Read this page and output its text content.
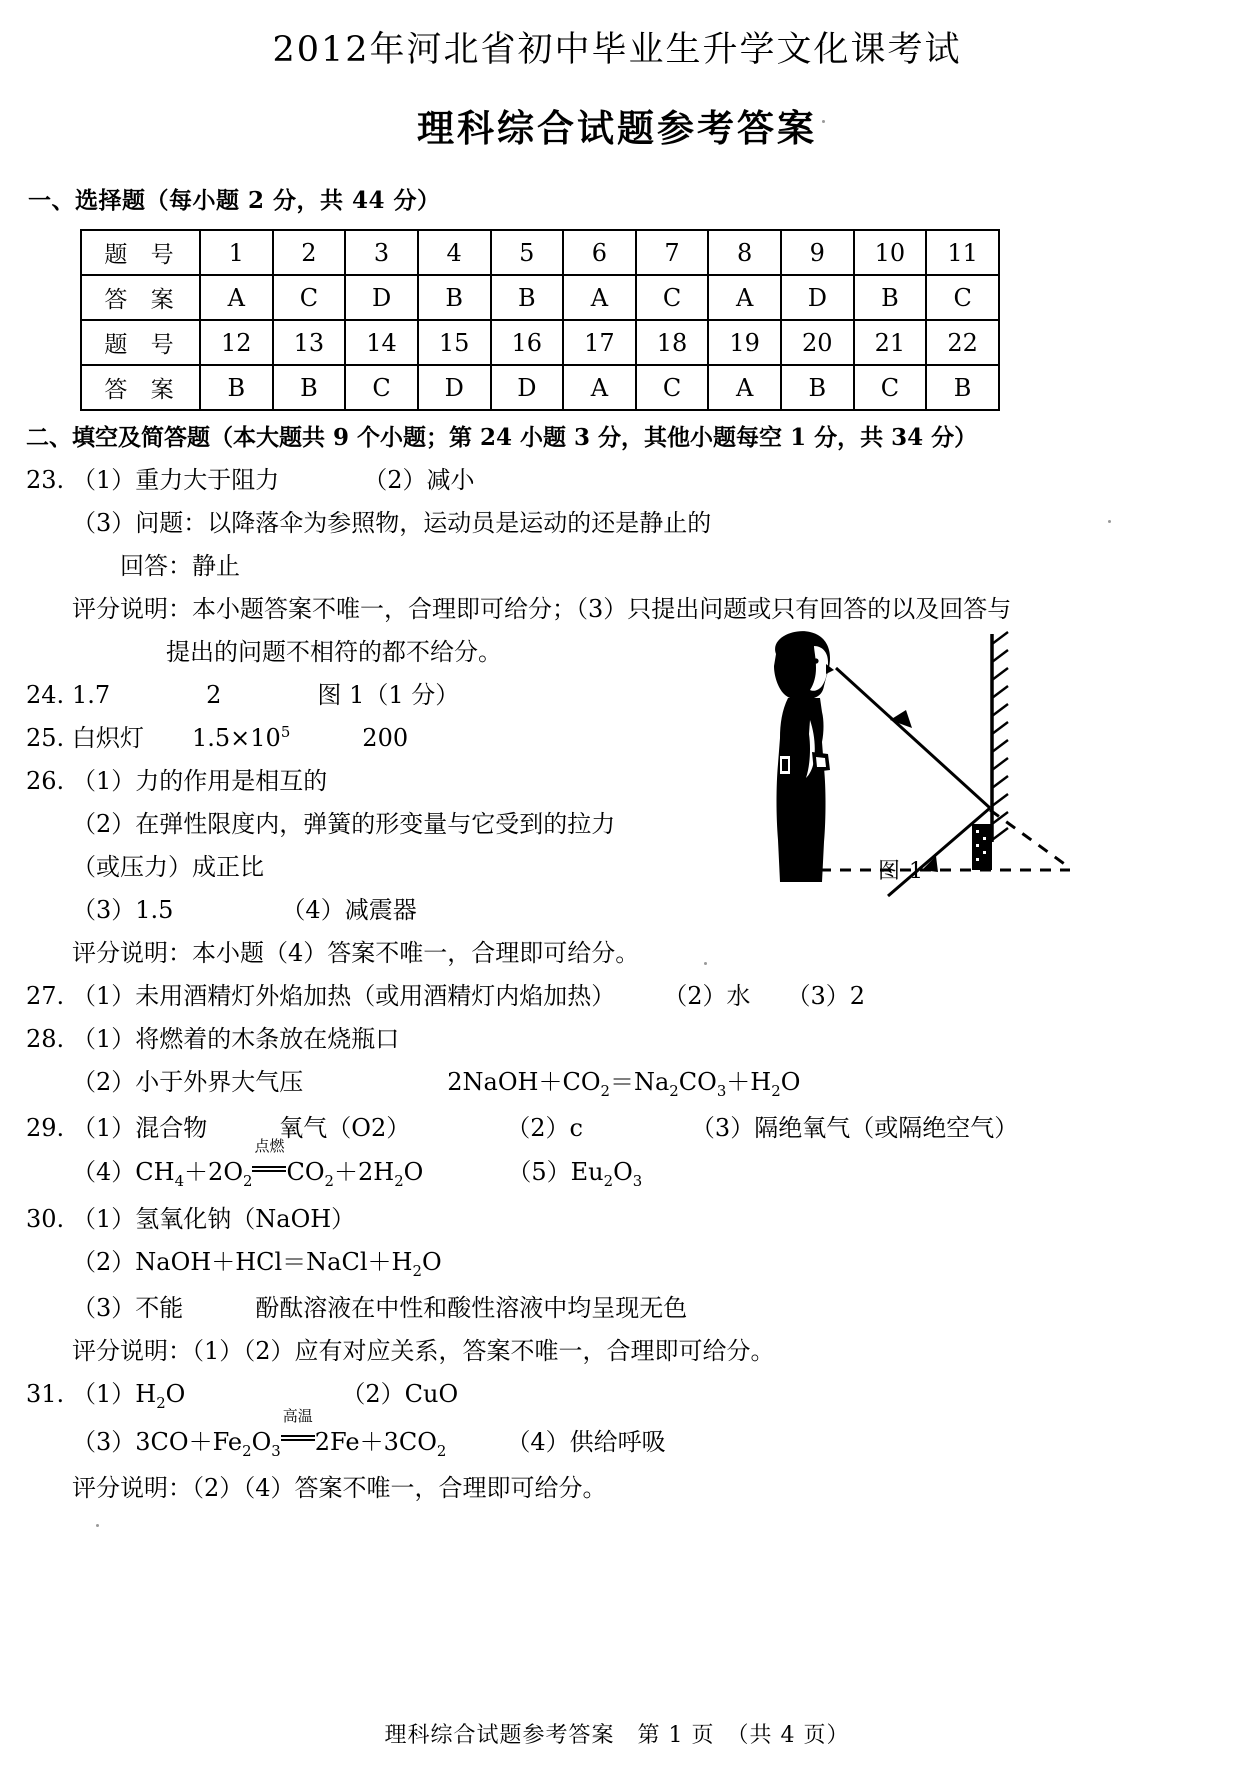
2012年河北省初中毕业生升学文化课考试
理科综合试题参考答案
一、选择题（每小题 2 分，共 44 分）
题 号	1	2	3	4	5	6	7	8	9	10	11
答 案	A	C	D	B	B	A	C	A	D	B	C
题 号	12	13	14	15	16	17	18	19	20	21	22
答 案	B	B	C	D	D	A	C	A	B	C	B
二、填空及简答题（本大题共 9 个小题；第 24 小题 3 分，其他小题每空 1 分，共 34 分）
23. （1）重力大于阻力　　　　（2）减小
（3）问题：以降落伞为参照物，运动员是运动的还是静止的
回答：静止
评分说明：本小题答案不唯一，合理即可给分；（3）只提出问题或只有回答的以及回答与
提出的问题不相符的都不给分。
24. 1.7　　　　2　　　　图 1（1 分）
25. 白炽灯　　 $1.5\times 10^5$　　　	200
26. （1）力的作用是相互的
（2）在弹性限度内，弹簧的形变量与它受到的拉力
（或压力）成正比
（3）1.5　　　　　（4）减震器
评分说明：本小题（4）答案不唯一，合理即可给分。
27. （1）未用酒精灯外焰加热（或用酒精灯内焰加热）　　　（2）水　　（3）2
28. （1）将燃着的木条放在烧瓶口
（2）小于外界大气压　　　　　　	$2NaOH+CO_2=Na_2CO_3+H_2O$
29. （1）混合物　　　氧气（O2）　　　　　（2）c　　　　　（3）隔绝氧气（或隔绝空气）
$(4)CH_4+2O_2$
点燃
$CO_2+2H_2O$　　　　	$(5)Eu_2O_3$
30. （1）氢氧化钠（NaOH）
$(2)NaOH+HCl=NaCl+H_2O$
（3）不能　　　酚酞溶液在中性和酸性溶液中均呈现无色
评分说明：（1）（2）应有对应关系，答案不唯一，合理即可给分。
31. $(1)H_2O$　　　　　　　	（2）CuO
$(3)3CO+Fe_2O_3$
高温
$2Fe+3CO_2$　　　	（4）供给呼吸
评分说明：（2）（4）答案不唯一，合理即可给分。
图 1
理科综合试题参考答案　第 1 页　（共 4 页）
